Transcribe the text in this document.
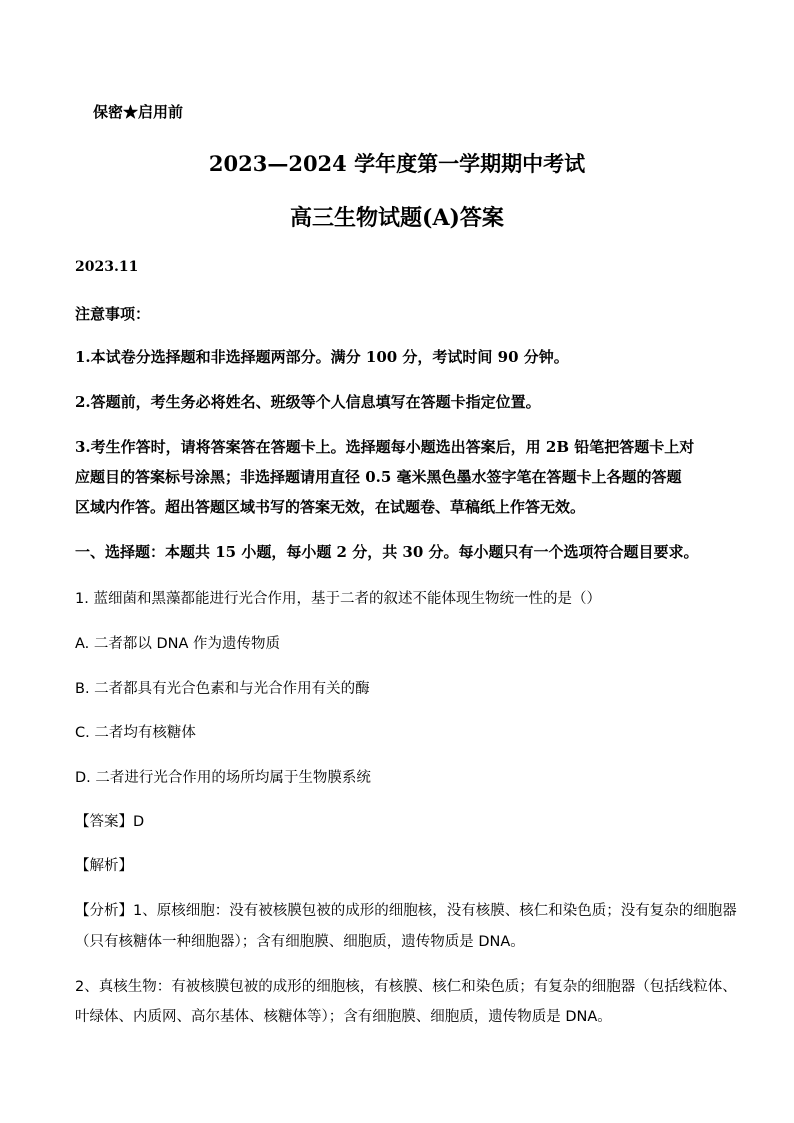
保密★启用前
2023—2024 学年度第一学期期中考试
高三生物试题(A)答案
2023.11
注意事项：
1.本试卷分选择题和非选择题两部分。满分 100 分，考试时间 90 分钟。
2.答题前，考生务必将姓名、班级等个人信息填写在答题卡指定位置。
3.考生作答时，请将答案答在答题卡上。选择题每小题选出答案后，用 2B 铅笔把答题卡上对
应题目的答案标号涂黑；非选择题请用直径 0.5 毫米黑色墨水签字笔在答题卡上各题的答题
区域内作答。超出答题区域书写的答案无效，在试题卷、草稿纸上作答无效。
一、选择题：本题共 15 小题，每小题 2 分，共 30 分。每小题只有一个选项符合题目要求。
1. 蓝细菌和黑藻都能进行光合作用，基于二者的叙述不能体现生物统一性的是（）
A. 二者都以 DNA 作为遗传物质
B. 二者都具有光合色素和与光合作用有关的酶
C. 二者均有核糖体
D. 二者进行光合作用的场所均属于生物膜系统
【答案】D
【解析】
【分析】1、原核细胞：没有被核膜包被的成形的细胞核，没有核膜、核仁和染色质；没有复杂的细胞器
（只有核糖体一种细胞器）；含有细胞膜、细胞质，遗传物质是 DNA。
2、真核生物：有被核膜包被的成形的细胞核，有核膜、核仁和染色质；有复杂的细胞器（包括线粒体、
叶绿体、内质网、高尔基体、核糖体等）；含有细胞膜、细胞质，遗传物质是 DNA。
